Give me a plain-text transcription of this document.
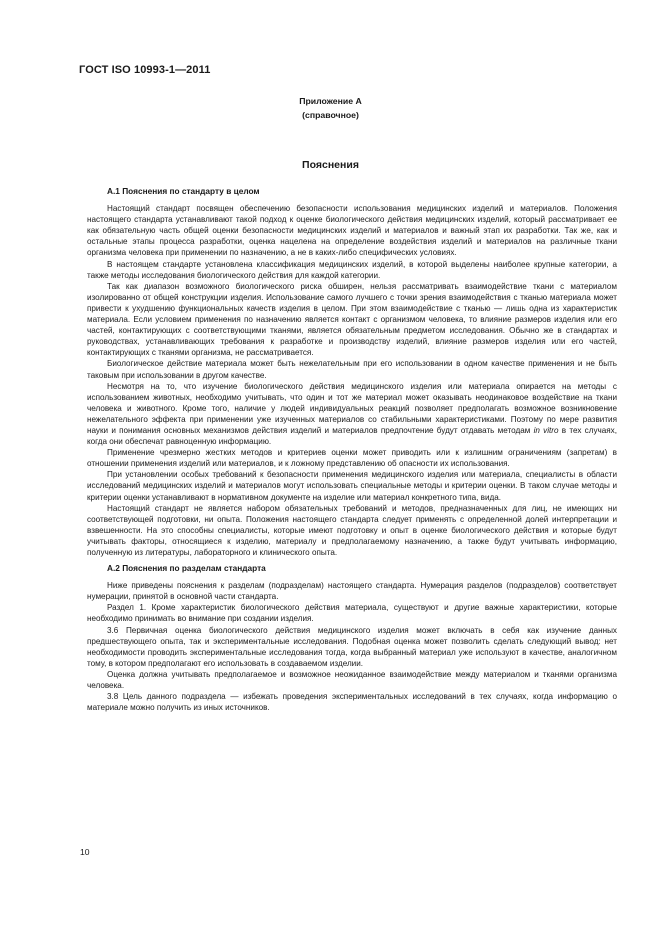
ГОСТ ISO 10993-1—2011
Приложение А
(справочное)
Пояснения
А.1 Пояснения по стандарту в целом

Настоящий стандарт посвящен обеспечению безопасности использования медицинских изделий и материалов. Положения настоящего стандарта устанавливают такой подход к оценке биологического действия медицинских изделий, который рассматривает ее как обязательную часть общей оценки безопасности медицинских изделий и материалов и важный этап их разработки. Так же, как и остальные этапы процесса разработки, оценка нацелена на определение воздействия изделий и материалов на различные ткани организма человека при применении по назначению, а не в каких-либо специфических условиях.

В настоящем стандарте установлена классификация медицинских изделий, в которой выделены наиболее крупные категории, а также методы исследования биологического действия для каждой категории.

Так как диапазон возможного биологического риска обширен, нельзя рассматривать взаимодействие ткани с материалом изолированно от общей конструкции изделия. Использование самого лучшего с точки зрения взаимодействия с тканью материала может привести к ухудшению функциональных качеств изделия в целом. При этом взаимодействие с тканью — лишь одна из характеристик материала. Если условием применения по назначению является контакт с организмом человека, то влияние размеров изделия или его частей, контактирующих с соответствующими тканями, является обязательным предметом исследования. Обычно же в стандартах и руководствах, устанавливающих требования к разработке и производству изделий, влияние размеров изделия или его частей, контактирующих с тканями организма, не рассматривается.

Биологическое действие материала может быть нежелательным при его использовании в одном качестве применения и не быть таковым при использовании в другом качестве.

Несмотря на то, что изучение биологического действия медицинского изделия или материала опирается на методы с использованием животных, необходимо учитывать, что один и тот же материал может оказывать неодинаковое воздействие на ткани человека и животного. Кроме того, наличие у людей индивидуальных реакций позволяет предполагать возможное возникновение нежелательного эффекта при применении уже изученных материалов со стабильными характеристиками. Поэтому по мере развития науки и понимания основных механизмов действия изделий и материалов предпочтение будут отдавать методам in vitro в тех случаях, когда они обеспечат равноценную информацию.

Применение чрезмерно жестких методов и критериев оценки может приводить или к излишним ограничениям (запретам) в отношении применения изделий или материалов, и к ложному представлению об опасности их использования.

При установлении особых требований к безопасности применения медицинского изделия или материала, специалисты в области исследований медицинских изделий и материалов могут использовать специальные методы и критерии оценки. В таком случае методы и критерии оценки устанавливают в нормативном документе на изделие или материал конкретного типа, вида.

Настоящий стандарт не является набором обязательных требований и методов, предназначенных для лиц, не имеющих ни соответствующей подготовки, ни опыта. Положения настоящего стандарта следует применять с определенной долей интерпретации и взвешенности. На это способны специалисты, которые имеют подготовку и опыт в оценке биологического действия и которые будут учитывать факторы, относящиеся к изделию, материалу и предполагаемому назначению, а также будут учитывать информацию, полученную из литературы, лабораторного и клинического опыта.

А.2 Пояснения по разделам стандарта

Ниже приведены пояснения к разделам (подразделам) настоящего стандарта. Нумерация разделов (подразделов) соответствует нумерации, принятой в основной части стандарта.

Раздел 1. Кроме характеристик биологического действия материала, существуют и другие важные характеристики, которые необходимо принимать во внимание при создании изделия.

3.6 Первичная оценка биологического действия медицинского изделия может включать в себя как изучение данных предшествующего опыта, так и экспериментальные исследования. Подобная оценка может позволить сделать следующий вывод: нет необходимости проводить экспериментальные исследования тогда, когда выбранный материал уже используют в качестве, аналогичном тому, в котором предполагают его использовать в создаваемом изделии.

Оценка должна учитывать предполагаемое и возможное неожиданное взаимодействие между материалом и тканями организма человека.

3.8 Цель данного подраздела — избежать проведения экспериментальных исследований в тех случаях, когда информацию о материале можно получить из иных источников.

10
